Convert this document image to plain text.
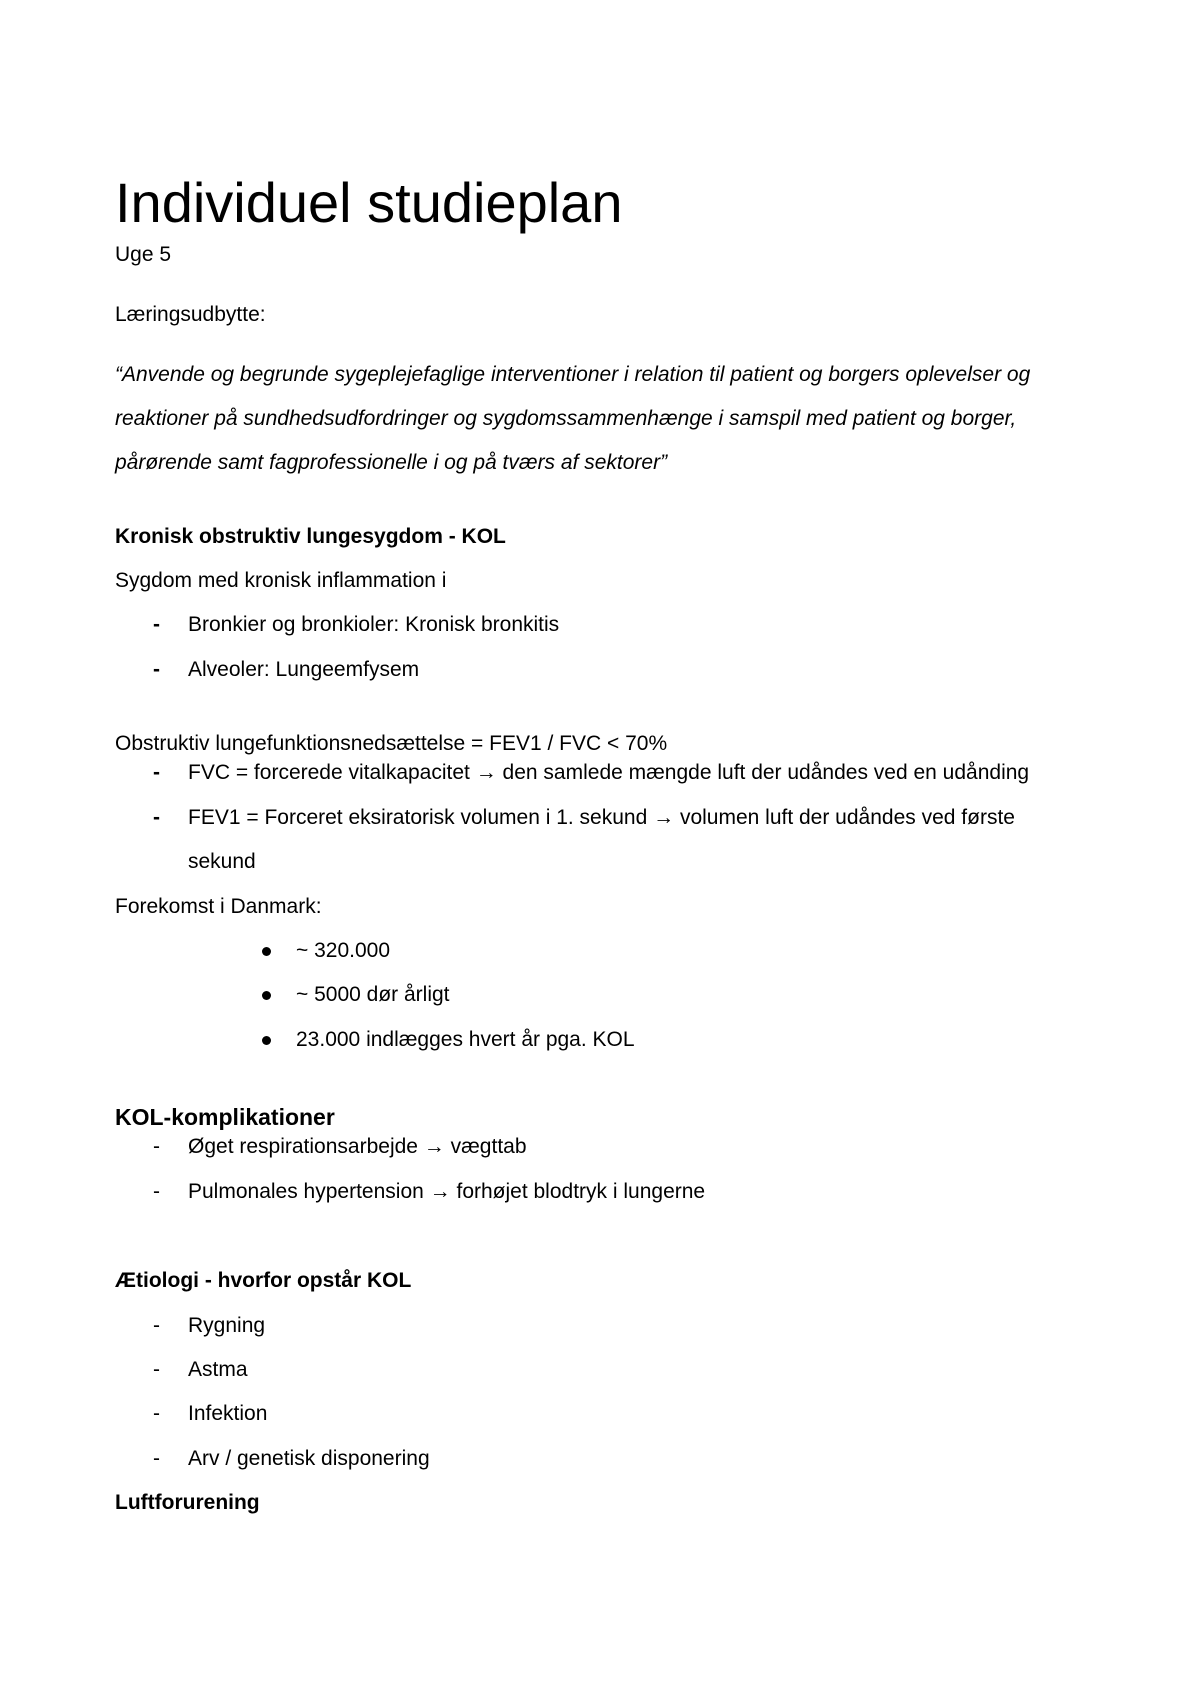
Individuel studieplan
Uge 5
Læringsudbytte:
“Anvende og begrunde sygeplejefaglige interventioner i relation til patient og borgers oplevelser og
reaktioner på sundhedsudfordringer og sygdomssammenhænge i samspil med patient og borger,
pårørende samt fagprofessionelle i og på tværs af sektorer”
Kronisk obstruktiv lungesygdom - KOL
Sygdom med kronisk inflammation i
- Bronkier og bronkioler: Kronisk bronkitis
- Alveoler: Lungeemfysem
Obstruktiv lungefunktionsnedsættelse = FEV1 / FVC < 70%
- FVC = forcerede vitalkapacitet → den samlede mængde luft der udåndes ved en udånding
- FEV1 = Forceret eksiratorisk volumen i 1. sekund → volumen luft der udåndes ved første
sekund
Forekomst i Danmark:
~ 320.000
~ 5000 dør årligt
23.000 indlægges hvert år pga. KOL
KOL-komplikationer
- Øget respirationsarbejde → vægttab
- Pulmonales hypertension → forhøjet blodtryk i lungerne
Ætiologi - hvorfor opstår KOL
- Rygning
- Astma
- Infektion
- Arv / genetisk disponering
Luftforurening
